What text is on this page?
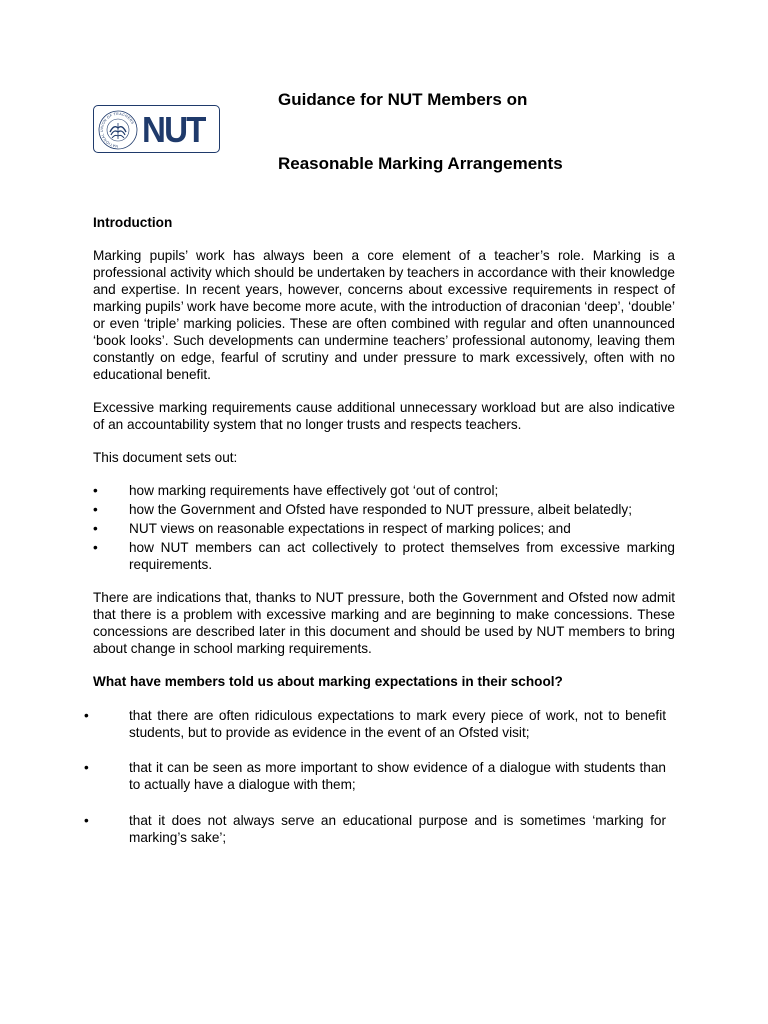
NATIONAL UNION OF TEACHERS NUT
Guidance for NUT Members on
Reasonable Marking Arrangements

Introduction

Marking pupils’ work has always been a core element of a teacher’s role. Marking is a professional activity which should be undertaken by teachers in accordance with their knowledge and expertise. In recent years, however, concerns about excessive requirements in respect of marking pupils’ work have become more acute, with the introduction of draconian ‘deep’, ‘double’ or even ‘triple’ marking policies. These are often combined with regular and often unannounced ‘book looks’. Such developments can undermine teachers’ professional autonomy, leaving them constantly on edge, fearful of scrutiny and under pressure to mark excessively, often with no educational benefit.

Excessive marking requirements cause additional unnecessary workload but are also indicative of an accountability system that no longer trusts and respects teachers.

This document sets out:

•	how marking requirements have effectively got ‘out of control;
•	how the Government and Ofsted have responded to NUT pressure, albeit belatedly;
•	NUT views on reasonable expectations in respect of marking polices; and
•	how NUT members can act collectively to protect themselves from excessive marking requirements.

There are indications that, thanks to NUT pressure, both the Government and Ofsted now admit that there is a problem with excessive marking and are beginning to make concessions. These concessions are described later in this document and should be used by NUT members to bring about change in school marking requirements.

What have members told us about marking expectations in their school?

•	that there are often ridiculous expectations to mark every piece of work, not to benefit students, but to provide as evidence in the event of an Ofsted visit;
•	that it can be seen as more important to show evidence of a dialogue with students than to actually have a dialogue with them;
•	that it does not always serve an educational purpose and is sometimes ‘marking for marking’s sake’;
